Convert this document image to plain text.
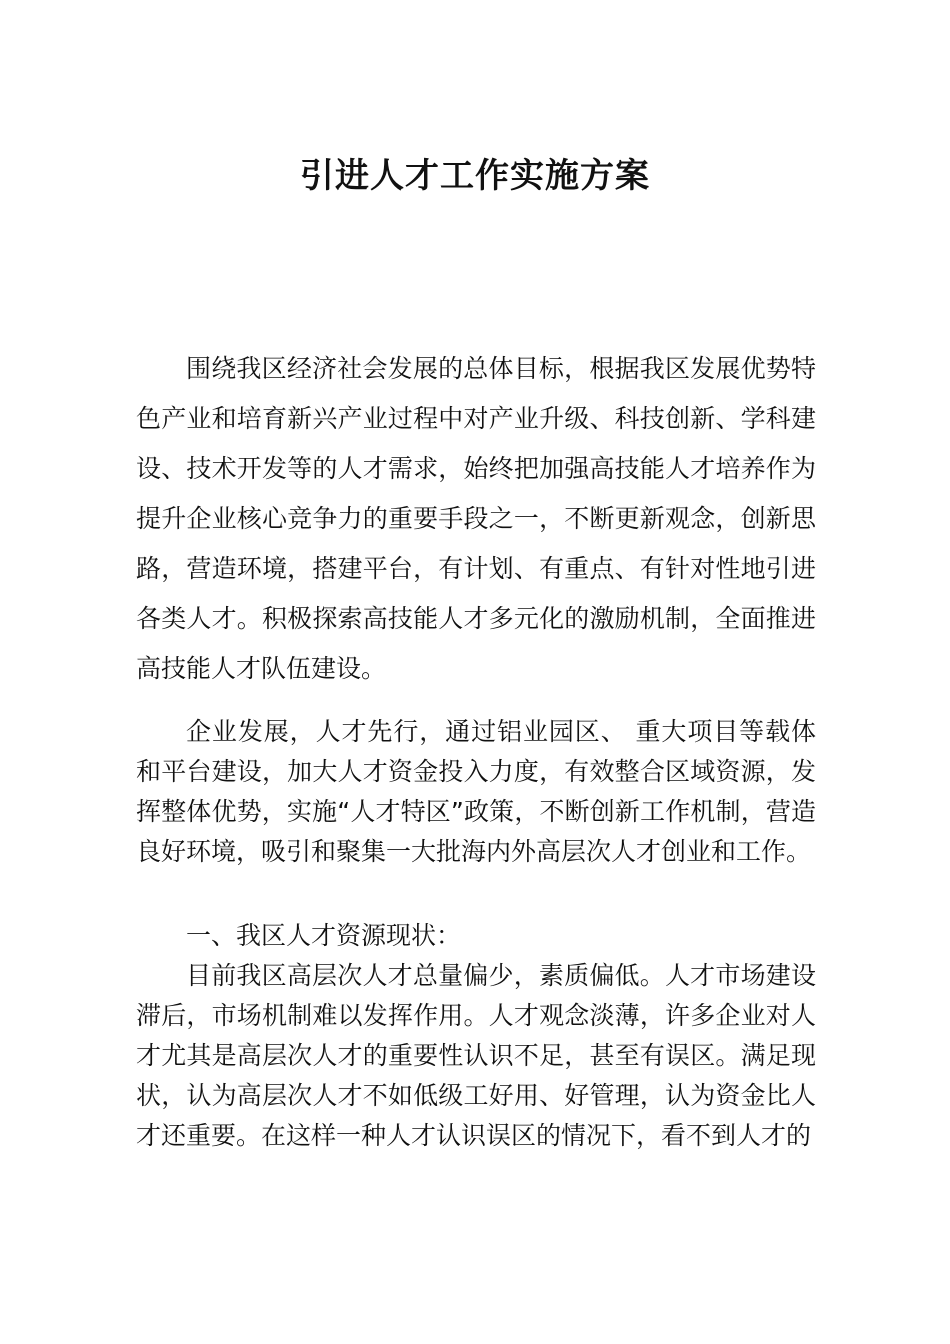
引进人才工作实施方案

围绕我区经济社会发展的总体目标，根据我区发展优势特色产业和培育新兴产业过程中对产业升级、科技创新、学科建设、技术开发等的人才需求，始终把加强高技能人才培养作为提升企业核心竞争力的重要手段之一，不断更新观念，创新思路，营造环境，搭建平台，有计划、有重点、有针对性地引进各类人才。积极探索高技能人才多元化的激励机制，全面推进高技能人才队伍建设。

企业发展，人才先行，通过铝业园区、 重大项目等载体和平台建设，加大人才资金投入力度，有效整合区域资源，发挥整体优势，实施“人才特区”政策，不断创新工作机制，营造良好环境，吸引和聚集一大批海内外高层次人才创业和工作。

一、我区人才资源现状：

目前我区高层次人才总量偏少，素质偏低。人才市场建设滞后，市场机制难以发挥作用。人才观念淡薄，许多企业对人才尤其是高层次人才的重要性认识不足，甚至有误区。满足现状，认为高层次人才不如低级工好用、好管理，认为资金比人才还重要。在这样一种人才认识误区的情况下，看不到人才的
